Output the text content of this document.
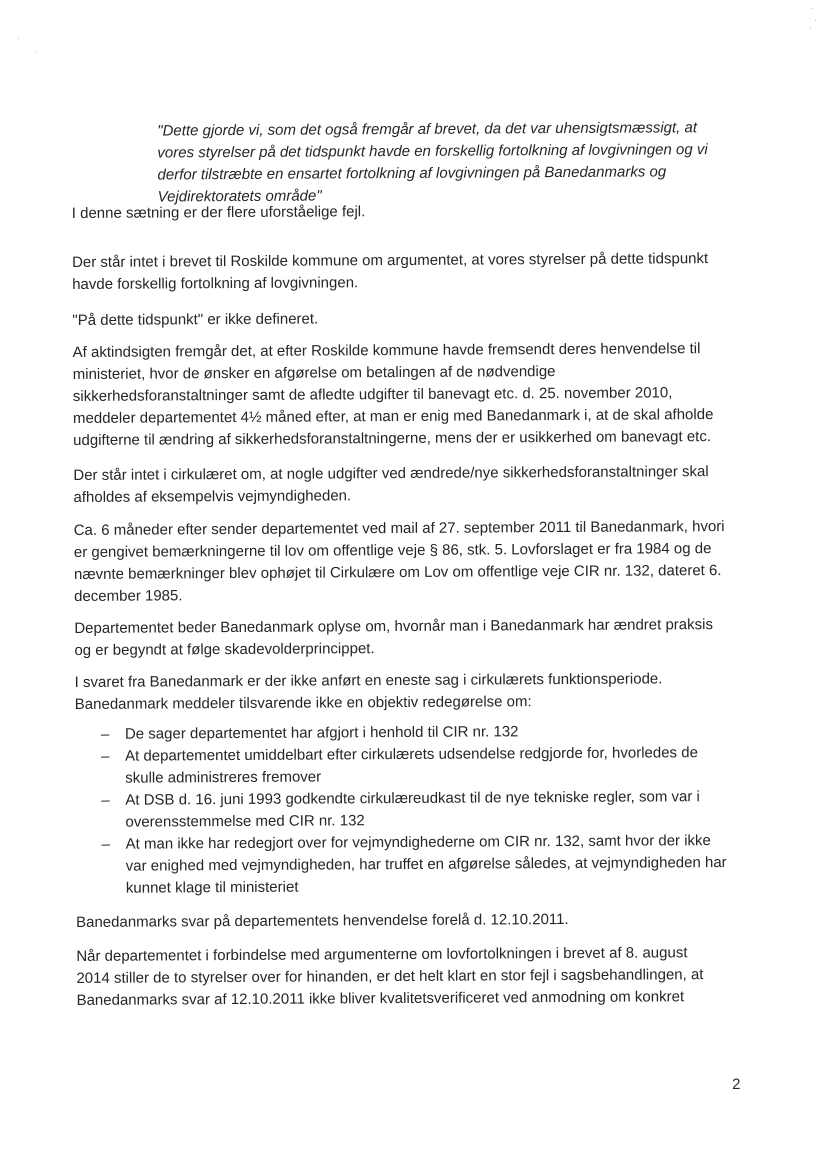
"Dette gjorde vi, som det også fremgår af brevet, da det var uhensigtsmæssigt, at
vores styrelser på det tidspunkt havde en forskellig fortolkning af lovgivningen og vi
derfor tilstræbte en ensartet fortolkning af lovgivningen på Banedanmarks og
Vejdirektoratets område"
I denne sætning er der flere uforståelige fejl.
Der står intet i brevet til Roskilde kommune om argumentet, at vores styrelser på dette tidspunkt
havde forskellig fortolkning af lovgivningen.
"På dette tidspunkt" er ikke defineret.
Af aktindsigten fremgår det, at efter Roskilde kommune havde fremsendt deres henvendelse til
ministeriet, hvor de ønsker en afgørelse om betalingen af de nødvendige
sikkerhedsforanstaltninger samt de afledte udgifter til banevagt etc. d. 25. november 2010,
meddeler departementet 4½ måned efter, at man er enig med Banedanmark i, at de skal afholde
udgifterne til ændring af sikkerhedsforanstaltningerne, mens der er usikkerhed om banevagt etc.
Der står intet i cirkulæret om, at nogle udgifter ved ændrede/nye sikkerhedsforanstaltninger skal
afholdes af eksempelvis vejmyndigheden.
Ca. 6 måneder efter sender departementet ved mail af 27. september 2011 til Banedanmark, hvori
er gengivet bemærkningerne til lov om offentlige veje § 86, stk. 5. Lovforslaget er fra 1984 og de
nævnte bemærkninger blev ophøjet til Cirkulære om Lov om offentlige veje CIR nr. 132, dateret 6.
december 1985.
Departementet beder Banedanmark oplyse om, hvornår man i Banedanmark har ændret praksis
og er begyndt at følge skadevolderprincippet.
I svaret fra Banedanmark er der ikke anført en eneste sag i cirkulærets funktionsperiode.
Banedanmark meddeler tilsvarende ikke en objektiv redegørelse om:
– De sager departementet har afgjort i henhold til CIR nr. 132
– At departementet umiddelbart efter cirkulærets udsendelse redgjorde for, hvorledes de
skulle administreres fremover
– At DSB d. 16. juni 1993 godkendte cirkulæreudkast til de nye tekniske regler, som var i
overensstemmelse med CIR nr. 132
– At man ikke har redegjort over for vejmyndighederne om CIR nr. 132, samt hvor der ikke
var enighed med vejmyndigheden, har truffet en afgørelse således, at vejmyndigheden har
kunnet klage til ministeriet
Banedanmarks svar på departementets henvendelse forelå d. 12.10.2011.
Når departementet i forbindelse med argumenterne om lovfortolkningen i brevet af 8. august
2014 stiller de to styrelser over for hinanden, er det helt klart en stor fejl i sagsbehandlingen, at
Banedanmarks svar af 12.10.2011 ikke bliver kvalitetsverificeret ved anmodning om konkret
2
